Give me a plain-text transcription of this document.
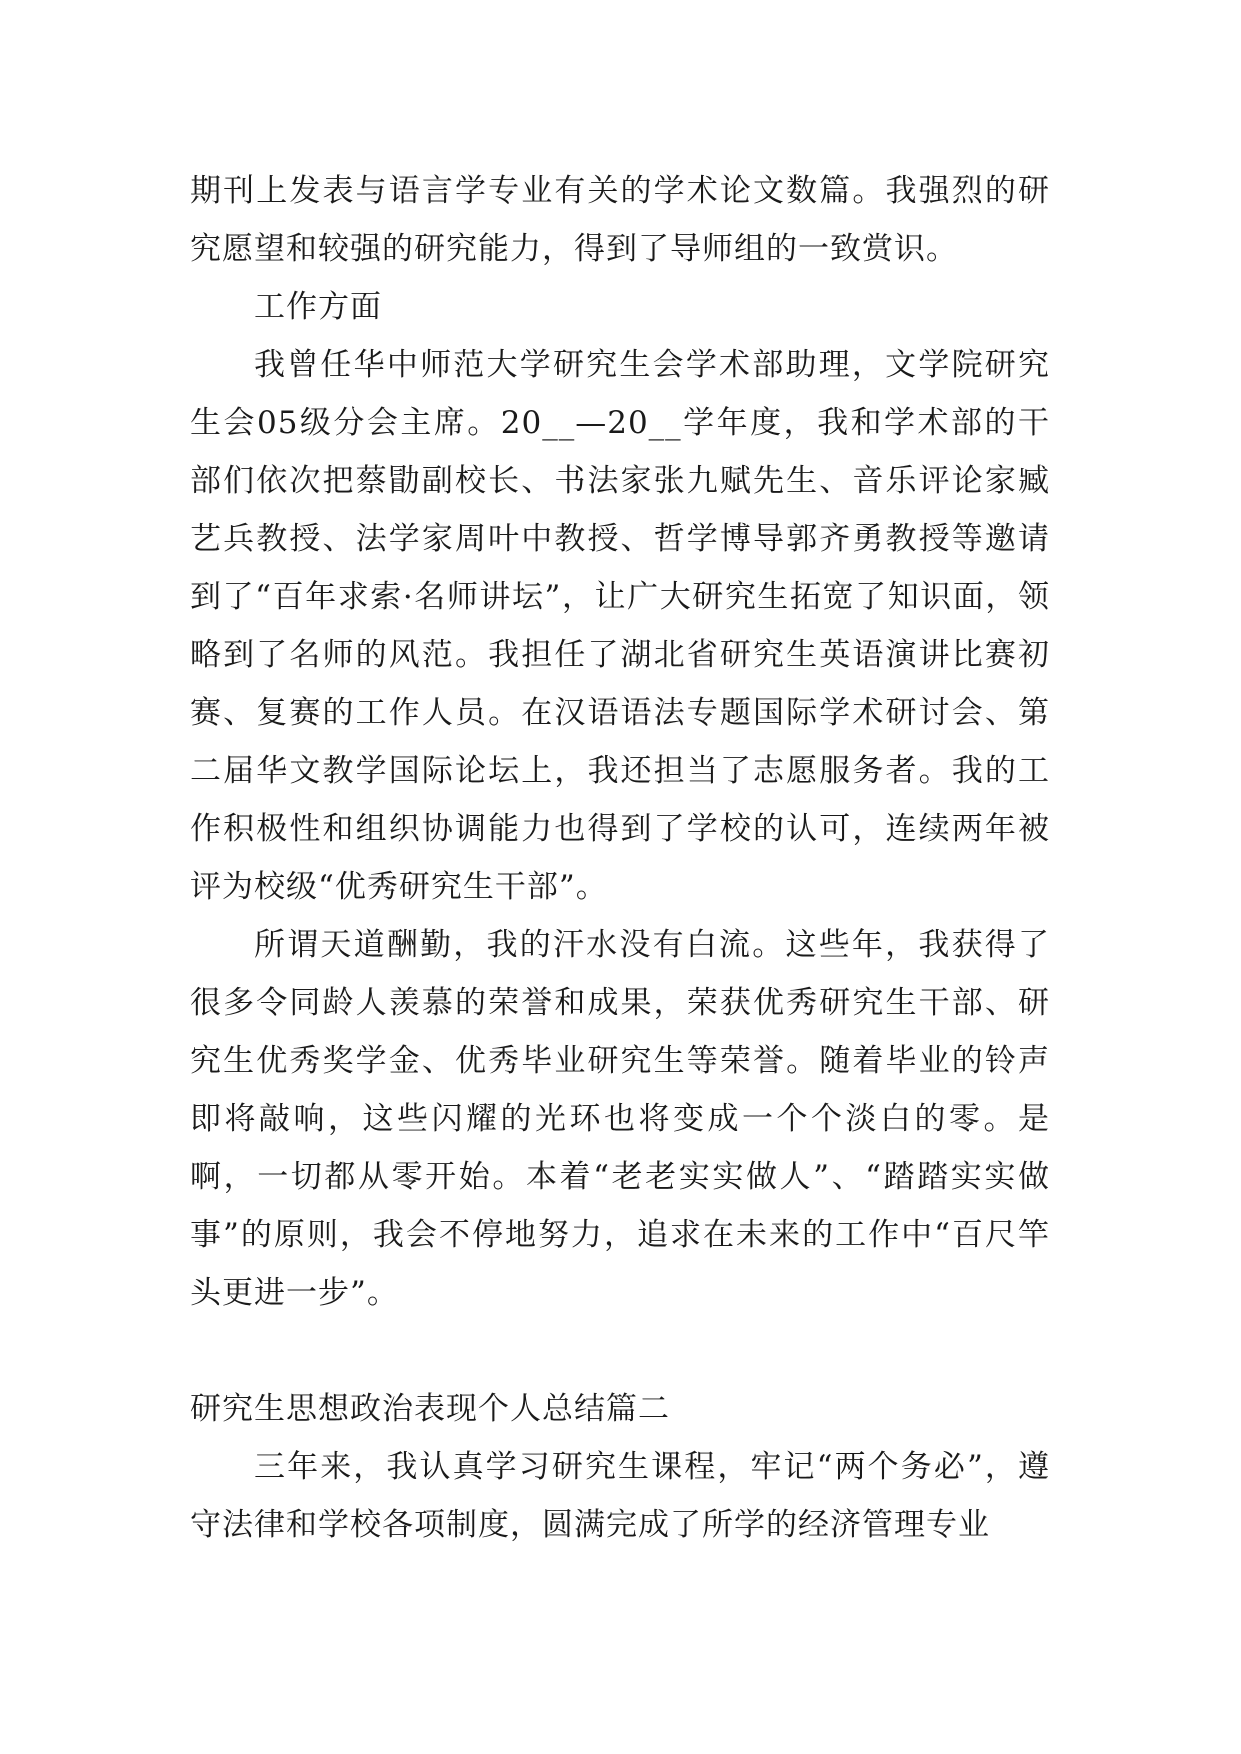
期刊上发表与语言学专业有关的学术论文数篇。我强烈的研究愿望和较强的研究能力，得到了导师组的一致赏识。

工作方面

我曾任华中师范大学研究生会学术部助理，文学院研究生会05级分会主席。20__—20__学年度，我和学术部的干部们依次把蔡勖副校长、书法家张九赋先生、音乐评论家臧艺兵教授、法学家周叶中教授、哲学博导郭齐勇教授等邀请到了“百年求索·名师讲坛”，让广大研究生拓宽了知识面，领略到了名师的风范。我担任了湖北省研究生英语演讲比赛初赛、复赛的工作人员。在汉语语法专题国际学术研讨会、第二届华文教学国际论坛上，我还担当了志愿服务者。我的工作积极性和组织协调能力也得到了学校的认可，连续两年被评为校级“优秀研究生干部”。

所谓天道酬勤，我的汗水没有白流。这些年，我获得了很多令同龄人羡慕的荣誉和成果，荣获优秀研究生干部、研究生优秀奖学金、优秀毕业研究生等荣誉。随着毕业的铃声即将敲响，这些闪耀的光环也将变成一个个淡白的零。是啊，一切都从零开始。本着“老老实实做人”、“踏踏实实做事”的原则，我会不停地努力，追求在未来的工作中“百尺竿头更进一步”。

研究生思想政治表现个人总结篇二

三年来，我认真学习研究生课程，牢记“两个务必”，遵守法律和学校各项制度，圆满完成了所学的经济管理专业
